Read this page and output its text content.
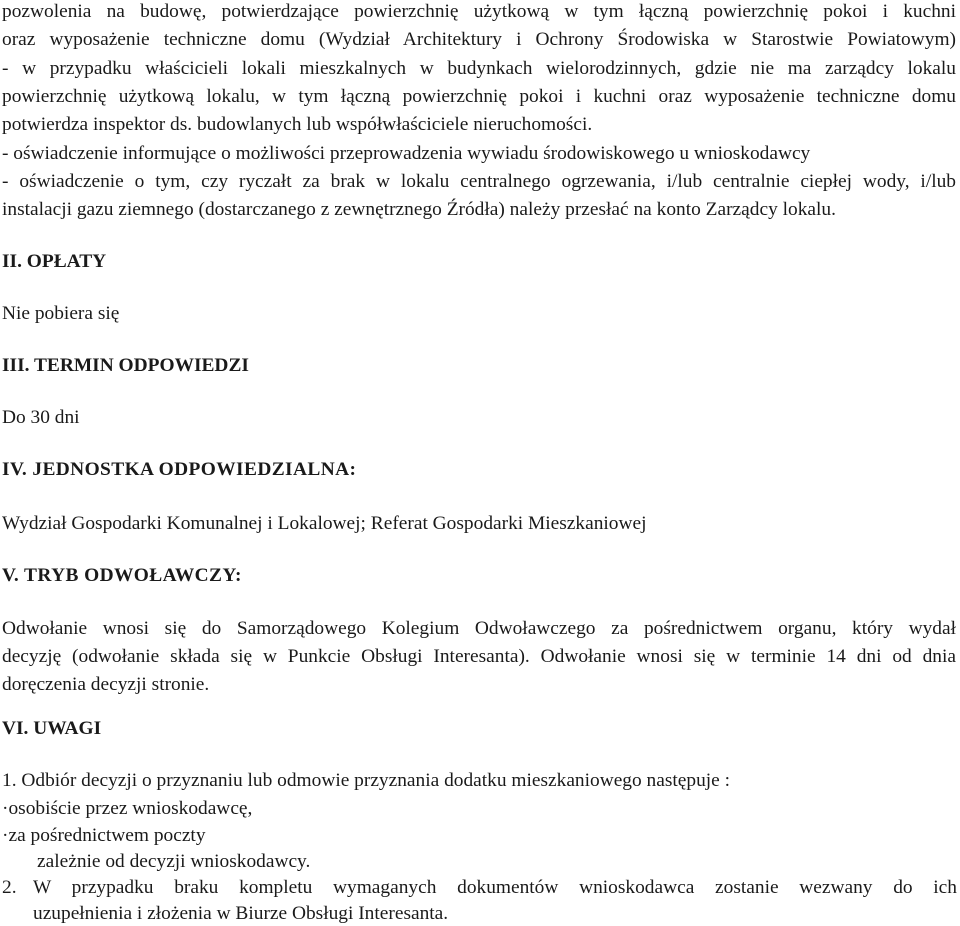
pozwolenia na budowę, potwierdzające powierzchnię użytkową w tym łączną powierzchnię pokoi i kuchni
oraz wyposażenie techniczne domu (Wydział Architektury i Ochrony Środowiska w Starostwie Powiatowym)
- w przypadku właścicieli lokali mieszkalnych w budynkach wielorodzinnych, gdzie nie ma zarządcy lokalu
powierzchnię użytkową lokalu, w tym łączną powierzchnię pokoi i kuchni oraz wyposażenie techniczne domu
potwierdza inspektor ds. budowlanych lub współwłaściciele nieruchomości.
- oświadczenie informujące o możliwości przeprowadzenia wywiadu środowiskowego u wnioskodawcy
- oświadczenie o tym, czy ryczałt za brak w lokalu centralnego ogrzewania, i/lub centralnie ciepłej wody, i/lub
instalacji gazu ziemnego (dostarczanego z zewnętrznego Źródła) należy przesłać na konto Zarządcy lokalu.
II. OPŁATY
Nie pobiera się
III. TERMIN ODPOWIEDZI
Do 30 dni
IV. JEDNOSTKA ODPOWIEDZIALNA:
Wydział Gospodarki Komunalnej i Lokalowej; Referat Gospodarki Mieszkaniowej
V. TRYB ODWOŁAWCZY:
Odwołanie wnosi się do Samorządowego Kolegium Odwoławczego za pośrednictwem organu, który wydał
decyzję (odwołanie składa się w Punkcie Obsługi Interesanta). Odwołanie wnosi się w terminie 14 dni od dnia
doręczenia decyzji stronie.
VI. UWAGI
1. Odbiór decyzji o przyznaniu lub odmowie przyznania dodatku mieszkaniowego następuje :
·osobiście przez wnioskodawcę,
·za pośrednictwem poczty
zależnie od decyzji wnioskodawcy.
2. W przypadku braku kompletu wymaganych dokumentów wnioskodawca zostanie wezwany do ich
uzupełnienia i złożenia w Biurze Obsługi Interesanta.
